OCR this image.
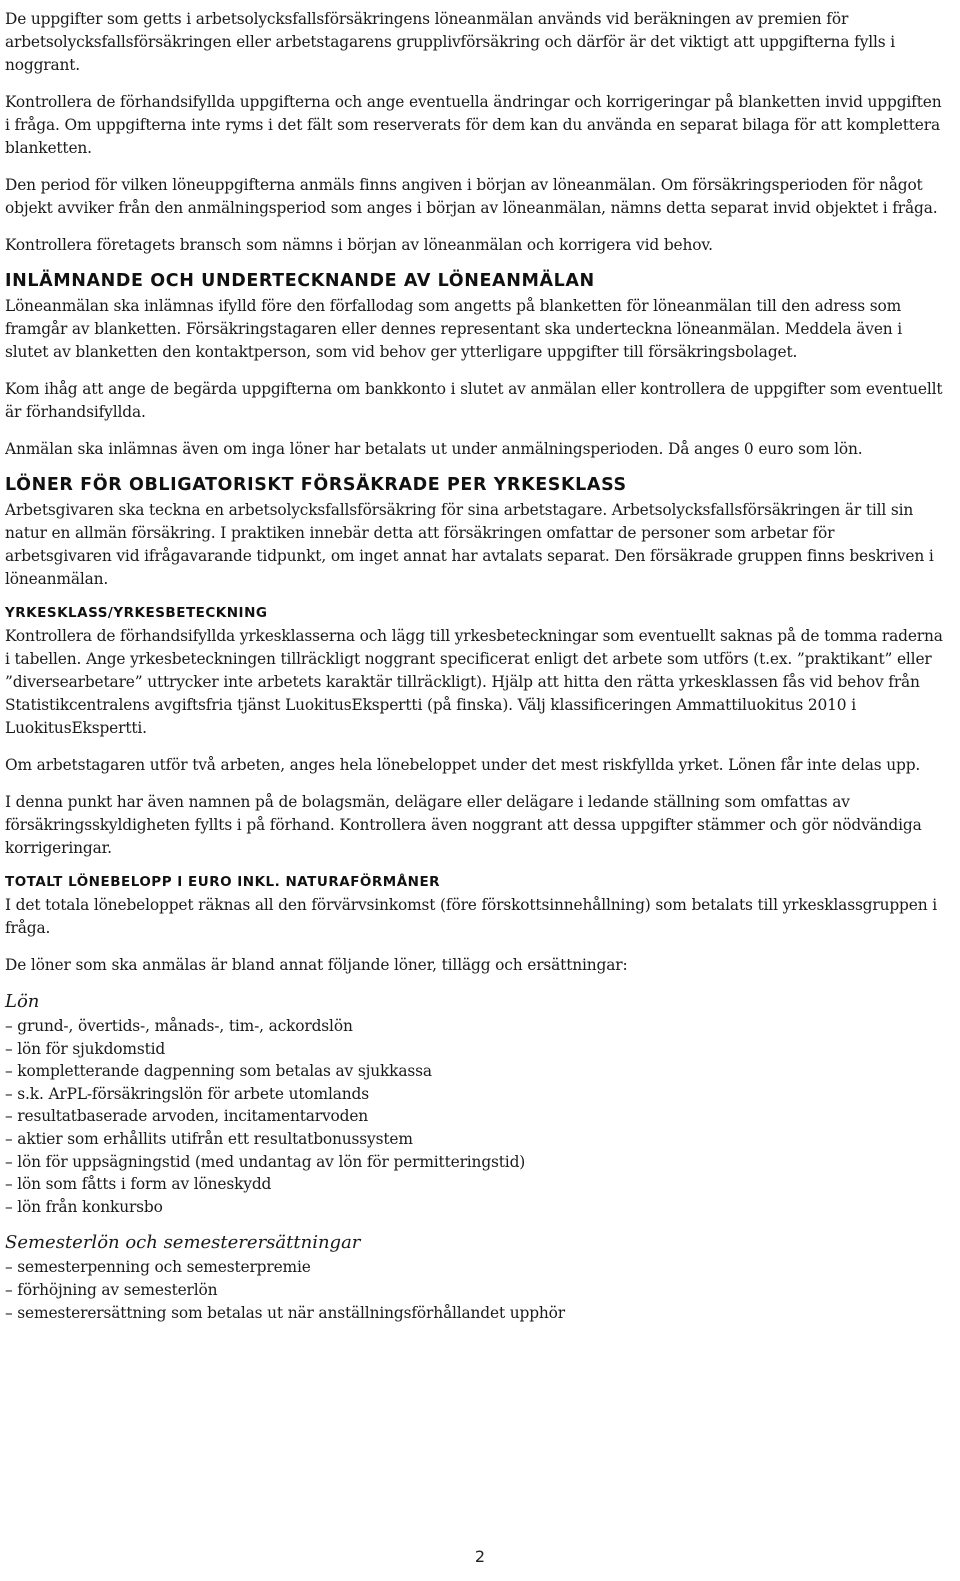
De uppgifter som getts i arbetsolycksfallsförsäkringens löneanmälan används vid beräkningen av premien för arbetsolycksfallsförsäkringen eller arbetstagarens grupplivförsäkring och därför är det viktigt att uppgifterna fylls i noggrant.

Kontrollera de förhandsifyllda uppgifterna och ange eventuella ändringar och korrigeringar på blanketten invid uppgiften i fråga. Om uppgifterna inte ryms i det fält som reserverats för dem kan du använda en separat bilaga för att komplettera blanketten.

Den period för vilken löneuppgifterna anmäls finns angiven i början av löneanmälan. Om försäkringsperioden för något objekt avviker från den anmälningsperiod som anges i början av löneanmälan, nämns detta separat invid objektet i fråga.

Kontrollera företagets bransch som nämns i början av löneanmälan och korrigera vid behov.

INLÄMNANDE OCH UNDERTECKNANDE AV LÖNEANMÄLAN

Löneanmälan ska inlämnas ifylld före den förfallodag som angetts på blanketten för löneanmälan till den adress som framgår av blanketten. Försäkringstagaren eller dennes representant ska underteckna löneanmälan. Meddela även i slutet av blanketten den kontaktperson, som vid behov ger ytterligare uppgifter till försäkringsbolaget.

Kom ihåg att ange de begärda uppgifterna om bankkonto i slutet av anmälan eller kontrollera de uppgifter som eventuellt är förhandsifyllda.

Anmälan ska inlämnas även om inga löner har betalats ut under anmälningsperioden. Då anges 0 euro som lön.

LÖNER FÖR OBLIGATORISKT FÖRSÄKRADE PER YRKESKLASS

Arbetsgivaren ska teckna en arbetsolycksfallsförsäkring för sina arbetstagare. Arbetsolycksfallsförsäkringen är till sin natur en allmän försäkring. I praktiken innebär detta att försäkringen omfattar de personer som arbetar för arbetsgivaren vid ifrågavarande tidpunkt, om inget annat har avtalats separat. Den försäkrade gruppen finns beskriven i löneanmälan.

YRKESKLASS/YRKESBETECKNING

Kontrollera de förhandsifyllda yrkesklasserna och lägg till yrkesbeteckningar som eventuellt saknas på de tomma raderna i tabellen. Ange yrkesbeteckningen tillräckligt noggrant specificerat enligt det arbete som utförs (t.ex. ”praktikant” eller ”diversearbetare” uttrycker inte arbetets karaktär tillräckligt). Hjälp att hitta den rätta yrkesklassen fås vid behov från Statistikcentralens avgiftsfria tjänst LuokitusEkspertti (på finska). Välj klassificeringen Ammattiluokitus 2010 i LuokitusEkspertti.

Om arbetstagaren utför två arbeten, anges hela lönebeloppet under det mest riskfyllda yrket. Lönen får inte delas upp.

I denna punkt har även namnen på de bolagsmän, delägare eller delägare i ledande ställning som omfattas av försäkringsskyldigheten fyllts i på förhand. Kontrollera även noggrant att dessa uppgifter stämmer och gör nödvändiga korrigeringar.

TOTALT LÖNEBELOPP I EURO INKL. NATURAFÖRMÅNER

I det totala lönebeloppet räknas all den förvärvsinkomst (före förskottsinnehållning) som betalats till yrkesklassgruppen i fråga.

De löner som ska anmälas är bland annat följande löner, tillägg och ersättningar:

Lön
– grund-, övertids-, månads-, tim-, ackordslön
– lön för sjukdomstid
– kompletterande dagpenning som betalas av sjukkassa
– s.k. ArPL-försäkringslön för arbete utomlands
– resultatbaserade arvoden, incitamentarvoden
– aktier som erhållits utifrån ett resultatbonussystem
– lön för uppsägningstid (med undantag av lön för permitteringstid)
– lön som fåtts i form av löneskydd
– lön från konkursbo
Semesterlön och semesterersättningar
– semesterpenning och semesterpremie
– förhöjning av semesterlön
– semesterersättning som betalas ut när anställningsförhållandet upphör
2
